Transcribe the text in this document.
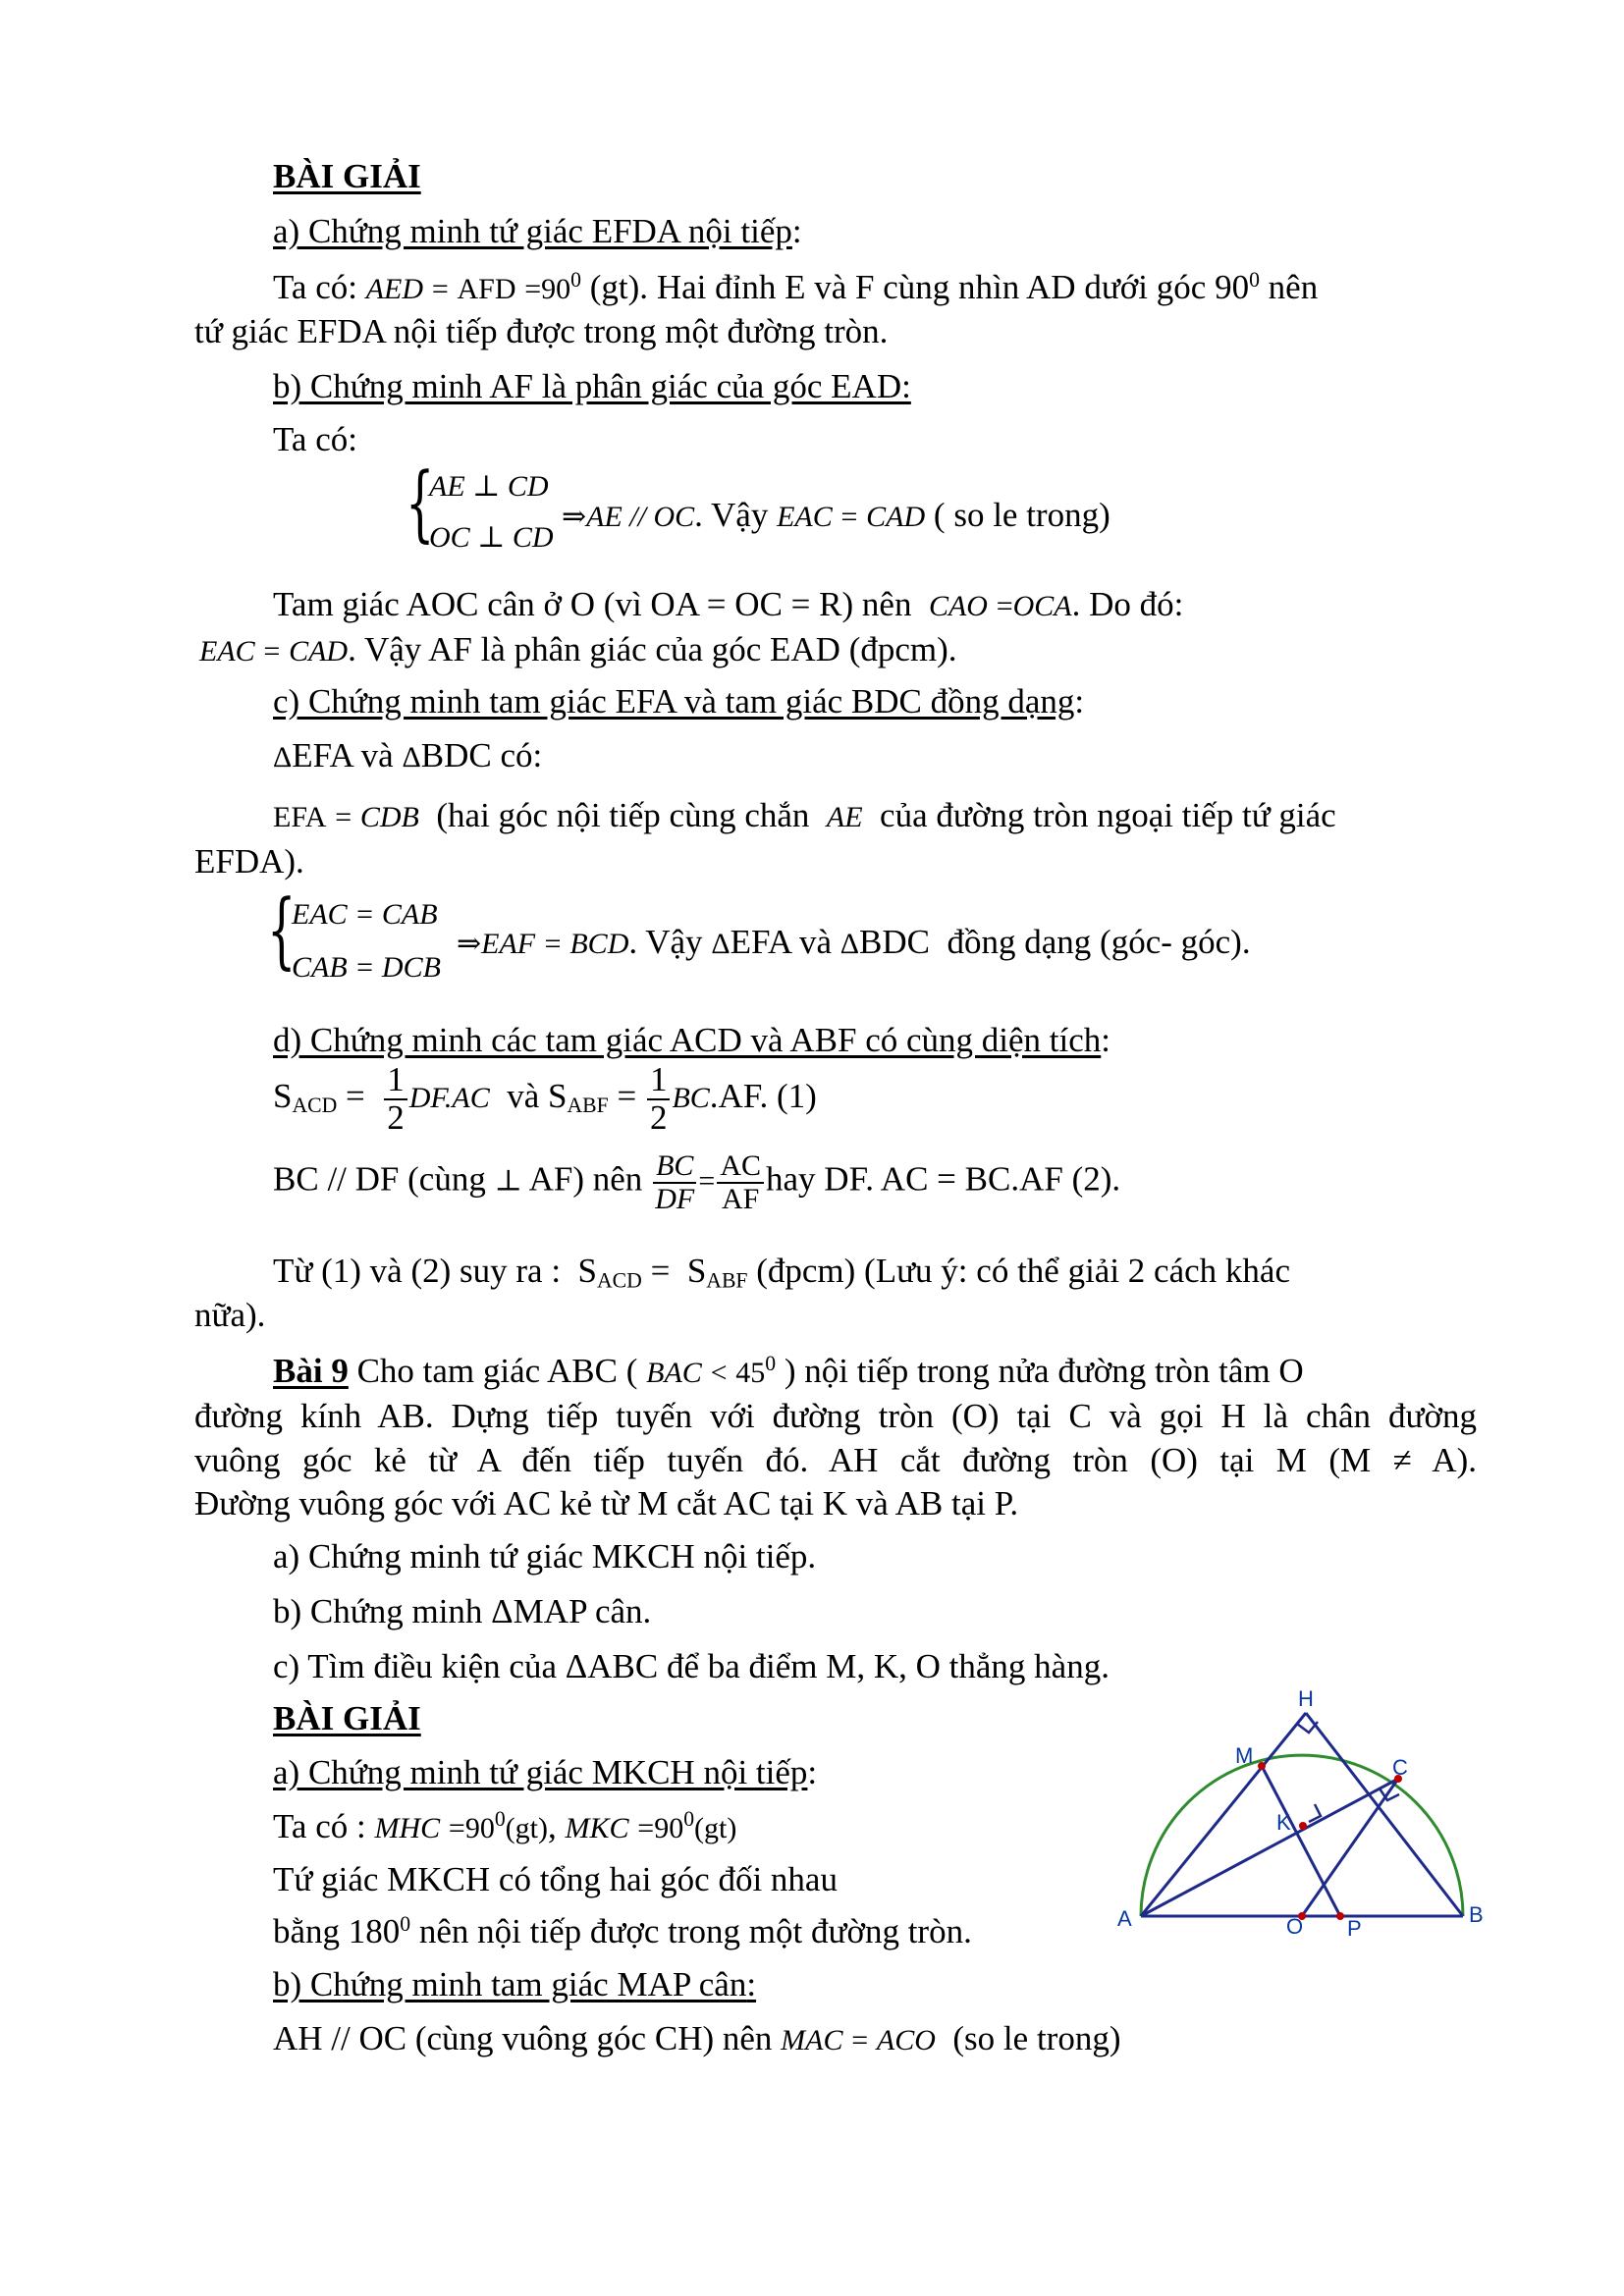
BÀI GIẢI
a) Chứng minh tứ giác EFDA nội tiếp:
Ta có: AED = AFD $=90^0$ (gt). Hai đỉnh E và F cùng nhìn AD dưới góc $90^0$ nên
tứ giác EFDA nội tiếp được trong một đường tròn.
b) Chứng minh AF là phân giác của góc EAD:
Ta có:
{
AE ⊥ CD
OC ⊥ CD
⇒AE // OC. Vậy EAC = CAD ( so le trong)
Tam giác AOC cân ở O (vì OA = OC = R) nên CAO =OCA. Do đó:
EAC = CAD. Vậy AF là phân giác của góc EAD (đpcm).
c) Chứng minh tam giác EFA và tam giác BDC đồng dạng:
ΔEFA và ΔBDC có:
EFA = CDB (hai góc nội tiếp cùng chắn AE của đường tròn ngoại tiếp tứ giác
EFDA).
{
EAC = CAB
CAB = DCB
⇒EAF = BCD. Vậy ΔEFA và ΔBDC đồng dạng (góc- góc).
d) Chứng minh các tam giác ACD và ABF có cùng diện tích:
$S_{ACD} = \frac{1}{2} DF.AC$ và $S_{ABF} = \frac{1}{2} BC.AF$. (1)
BC // DF (cùng ⊥ AF) nên $\frac{BC}{DF} = \frac{AC}{AF}$ hay DF. AC = BC.AF (2).
Từ (1) và (2) suy ra : $S_{ACD} = S_{ABF}$ (đpcm) (Lưu ý: có thể giải 2 cách khác
nữa).
Bài 9 Cho tam giác ABC ( BAC < $45^0$ ) nội tiếp trong nửa đường tròn tâm O
đường kính AB. Dựng tiếp tuyến với đường tròn (O) tại C và gọi H là chân đường
vuông góc kẻ từ A đến tiếp tuyến đó. AH cắt đường tròn (O) tại M (M ≠ A).
Đường vuông góc với AC kẻ từ M cắt AC tại K và AB tại P.
a) Chứng minh tứ giác MKCH nội tiếp.
b) Chứng minh ΔMAP cân.
c) Tìm điều kiện của ΔABC để ba điểm M, K, O thẳng hàng.
BÀI GIẢI
a) Chứng minh tứ giác MKCH nội tiếp:
Ta có : MHC $=90^0(gt)$, MKC $=90^0(gt)$
Tứ giác MKCH có tổng hai góc đối nhau
bằng $180^0$ nên nội tiếp được trong một đường tròn.
b) Chứng minh tam giác MAP cân:
AH // OC (cùng vuông góc CH) nên MAC = ACO (so le trong)
H
M	C
K
A	O P
B
